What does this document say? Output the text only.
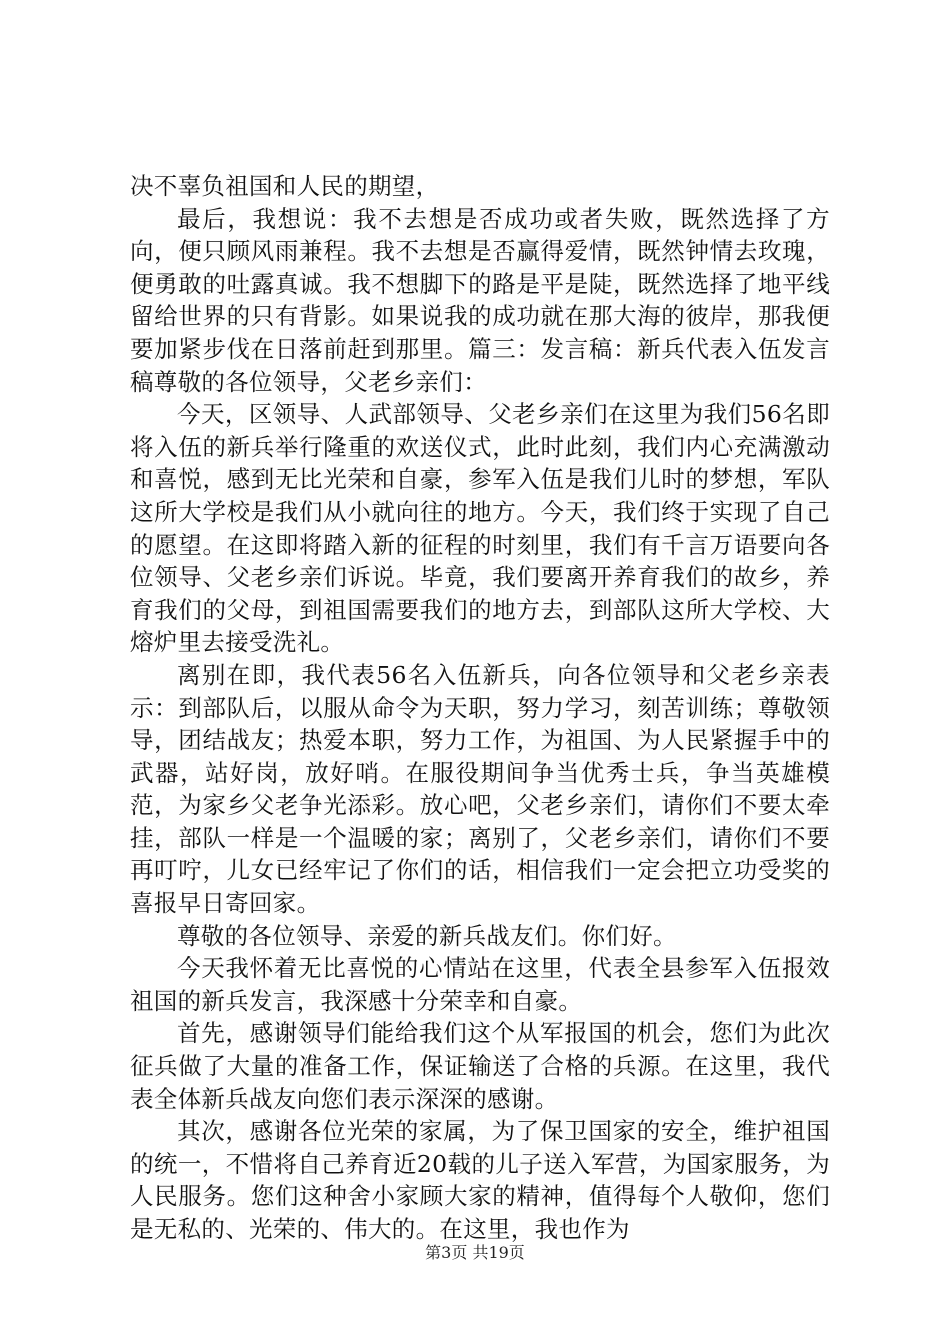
决不辜负祖国和人民的期望，

最后，我想说：我不去想是否成功或者失败，既然选择了方向，便只顾风雨兼程。我不去想是否赢得爱情，既然钟情去玫瑰，便勇敢的吐露真诚。我不想脚下的路是平是陡，既然选择了地平线留给世界的只有背影。如果说我的成功就在那大海的彼岸，那我便要加紧步伐在日落前赶到那里。篇三：发言稿：新兵代表入伍发言稿尊敬的各位领导，父老乡亲们：

今天，区领导、人武部领导、父老乡亲们在这里为我们56名即将入伍的新兵举行隆重的欢送仪式，此时此刻，我们内心充满激动和喜悦，感到无比光荣和自豪，参军入伍是我们儿时的梦想，军队这所大学校是我们从小就向往的地方。今天，我们终于实现了自己的愿望。在这即将踏入新的征程的时刻里，我们有千言万语要向各位领导、父老乡亲们诉说。毕竟，我们要离开养育我们的故乡，养育我们的父母，到祖国需要我们的地方去，到部队这所大学校、大熔炉里去接受洗礼。

离别在即，我代表56名入伍新兵，向各位领导和父老乡亲表示：到部队后，以服从命令为天职，努力学习，刻苦训练；尊敬领导，团结战友；热爱本职，努力工作，为祖国、为人民紧握手中的武器，站好岗，放好哨。在服役期间争当优秀士兵，争当英雄模范，为家乡父老争光添彩。放心吧，父老乡亲们，请你们不要太牵挂，部队一样是一个温暖的家；离别了，父老乡亲们，请你们不要再叮咛，儿女已经牢记了你们的话，相信我们一定会把立功受奖的喜报早日寄回家。

尊敬的各位领导、亲爱的新兵战友们。你们好。

今天我怀着无比喜悦的心情站在这里，代表全县参军入伍报效祖国的新兵发言，我深感十分荣幸和自豪。

首先，感谢领导们能给我们这个从军报国的机会，您们为此次征兵做了大量的准备工作，保证输送了合格的兵源。在这里，我代表全体新兵战友向您们表示深深的感谢。

其次，感谢各位光荣的家属，为了保卫国家的安全，维护祖国的统一，不惜将自己养育近20载的儿子送入军营，为国家服务，为人民服务。您们这种舍小家顾大家的精神，值得每个人敬仰，您们是无私的、光荣的、伟大的。在这里，我也作为

第3页 共19页
